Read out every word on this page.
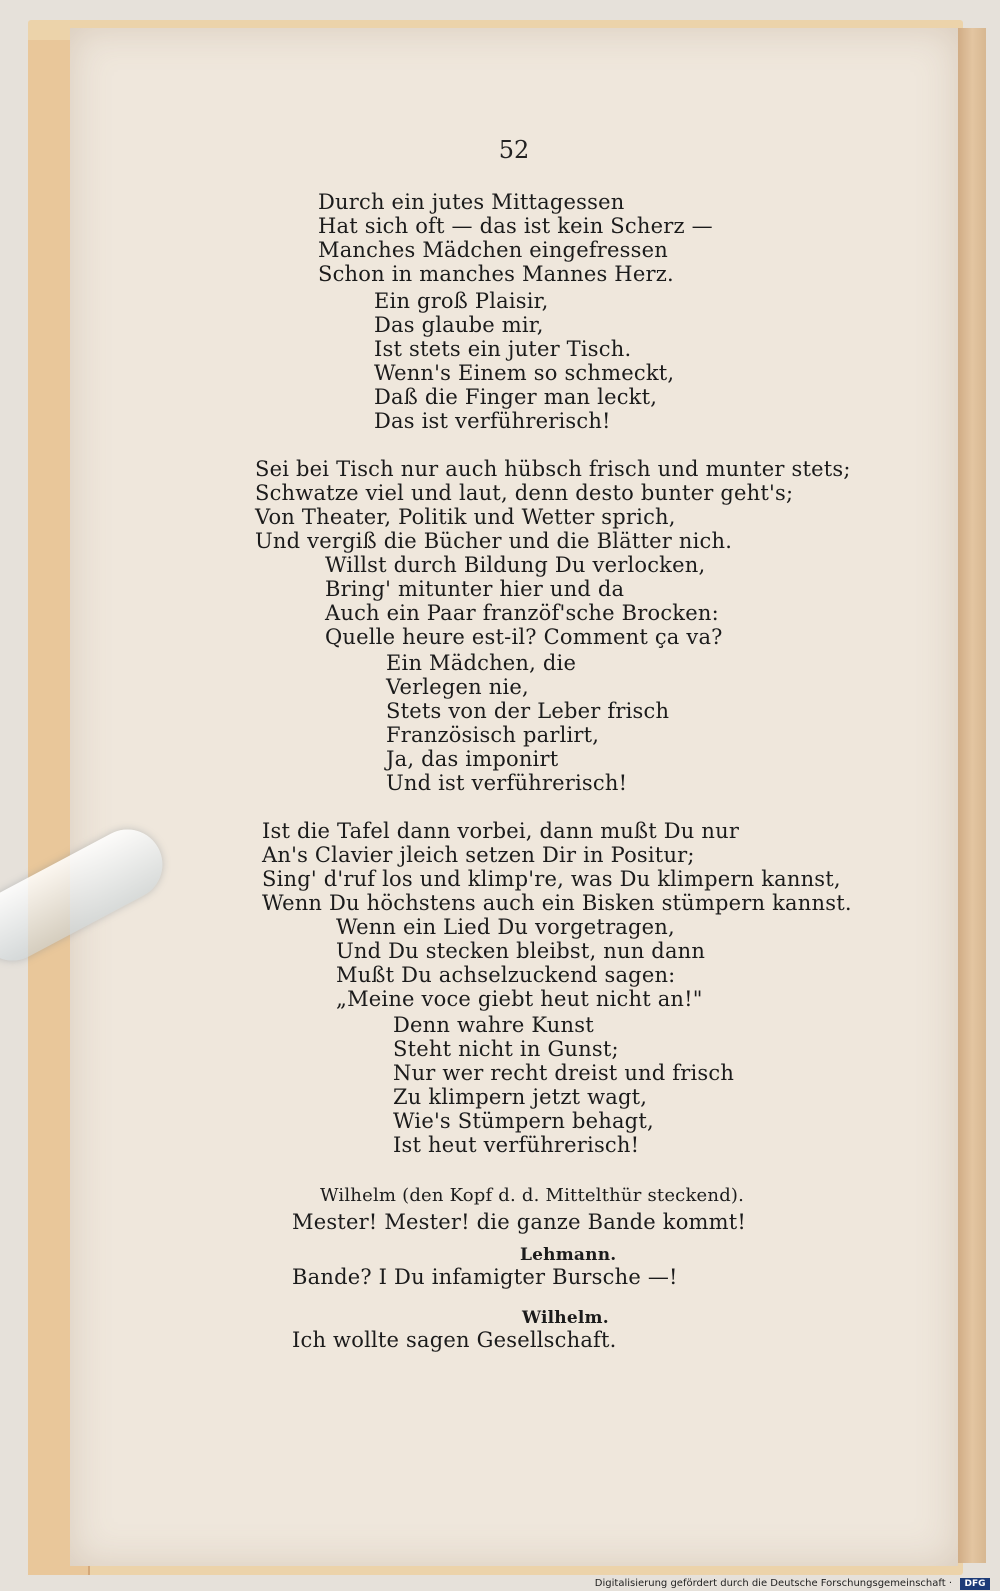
52
Durch ein jutes Mittagessen
Hat sich oft — das ist kein Scherz —
Manches Mädchen eingefressen
Schon in manches Mannes Herz.
Ein groß Plaisir,
Das glaube mir,
Ist stets ein juter Tisch.
Wenn's Einem so schmeckt,
Daß die Finger man leckt,
Das ist verführerisch!
Sei bei Tisch nur auch hübsch frisch und munter stets;
Schwatze viel und laut, denn desto bunter geht's;
Von Theater, Politik und Wetter sprich,
Und vergiß die Bücher und die Blätter nich.
Willst durch Bildung Du verlocken,
Bring' mitunter hier und da
Auch ein Paar franzöf'sche Brocken:
Quelle heure est-il? Comment ça va?
Ein Mädchen, die
Verlegen nie,
Stets von der Leber frisch
Französisch parlirt,
Ja, das imponirt
Und ist verführerisch!
Ist die Tafel dann vorbei, dann mußt Du nur
An's Clavier jleich setzen Dir in Positur;
Sing' d'ruf los und klimp're, was Du klimpern kannst,
Wenn Du höchstens auch ein Bisken stümpern kannst.
Wenn ein Lied Du vorgetragen,
Und Du stecken bleibst, nun dann
Mußt Du achselzuckend sagen:
„Meine voce giebt heut nicht an!"
Denn wahre Kunst
Steht nicht in Gunst;
Nur wer recht dreist und frisch
Zu klimpern jetzt wagt,
Wie's Stümpern behagt,
Ist heut verführerisch!
Wilhelm (den Kopf d. d. Mittelthür steckend).
Mester! Mester! die ganze Bande kommt!
Lehmann.
Bande? I Du infamigter Bursche —!
Wilhelm.
Ich wollte sagen Gesellschaft.
Digitalisierung gefördert durch die Deutsche Forschungsgemeinschaft ·	DFG
